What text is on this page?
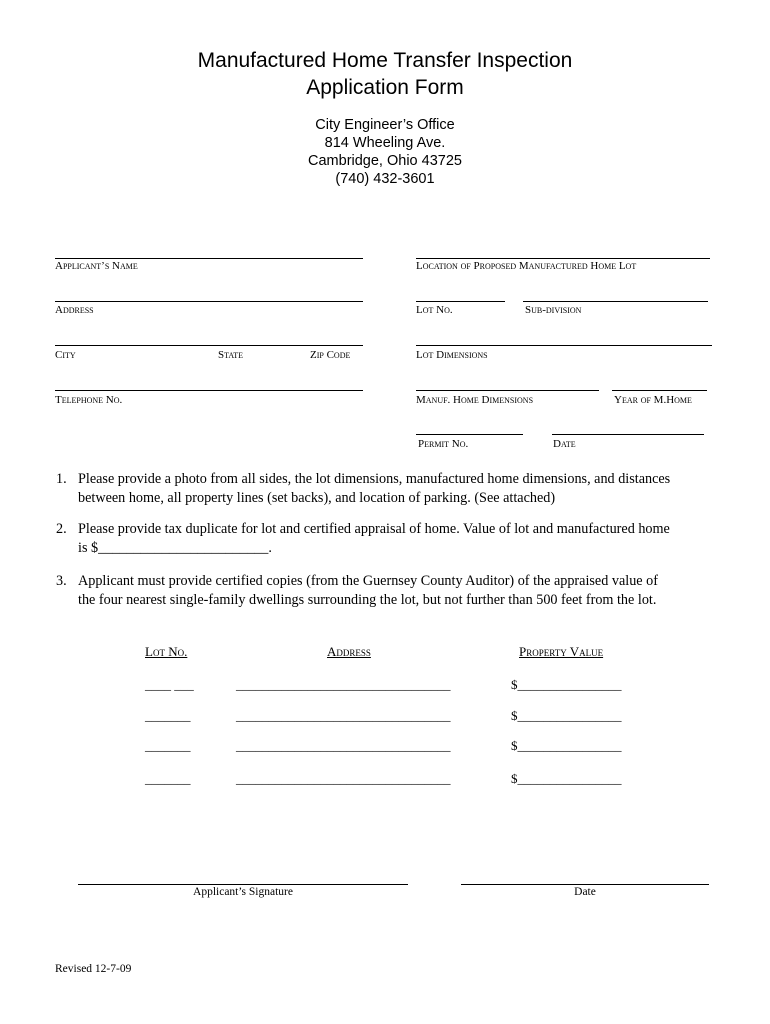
Manufactured Home Transfer Inspection
Application Form
City Engineer’s Office
814 Wheeling Ave.
Cambridge, Ohio 43725
(740) 432-3601
Applicant’s Name
Address
City	State	Zip Code
Telephone No.
Location of Proposed Manufactured Home Lot
Lot No.	Sub-division
Lot Dimensions
Manuf. Home Dimensions	Year of M.Home
Permit No.	Date
1. Please provide a photo from all sides, the lot dimensions, manufactured home dimensions, and distances
between home, all property lines (set backs), and location of parking. (See attached)
2. Please provide tax duplicate for lot and certified appraisal of home. Value of lot and manufactured home
is $________________________.
3. Applicant must provide certified copies (from the Guernsey County Auditor) of the appraised value of
the four nearest single-family dwellings surrounding the lot, but not further than 500 feet from the lot.
Lot No.	Address	Property Value
____ ___	_________________________________	$________________
_______	_________________________________	$________________
_______	_________________________________	$________________
_______	_________________________________	$________________
Applicant’s Signature	Date
Revised 12-7-09
